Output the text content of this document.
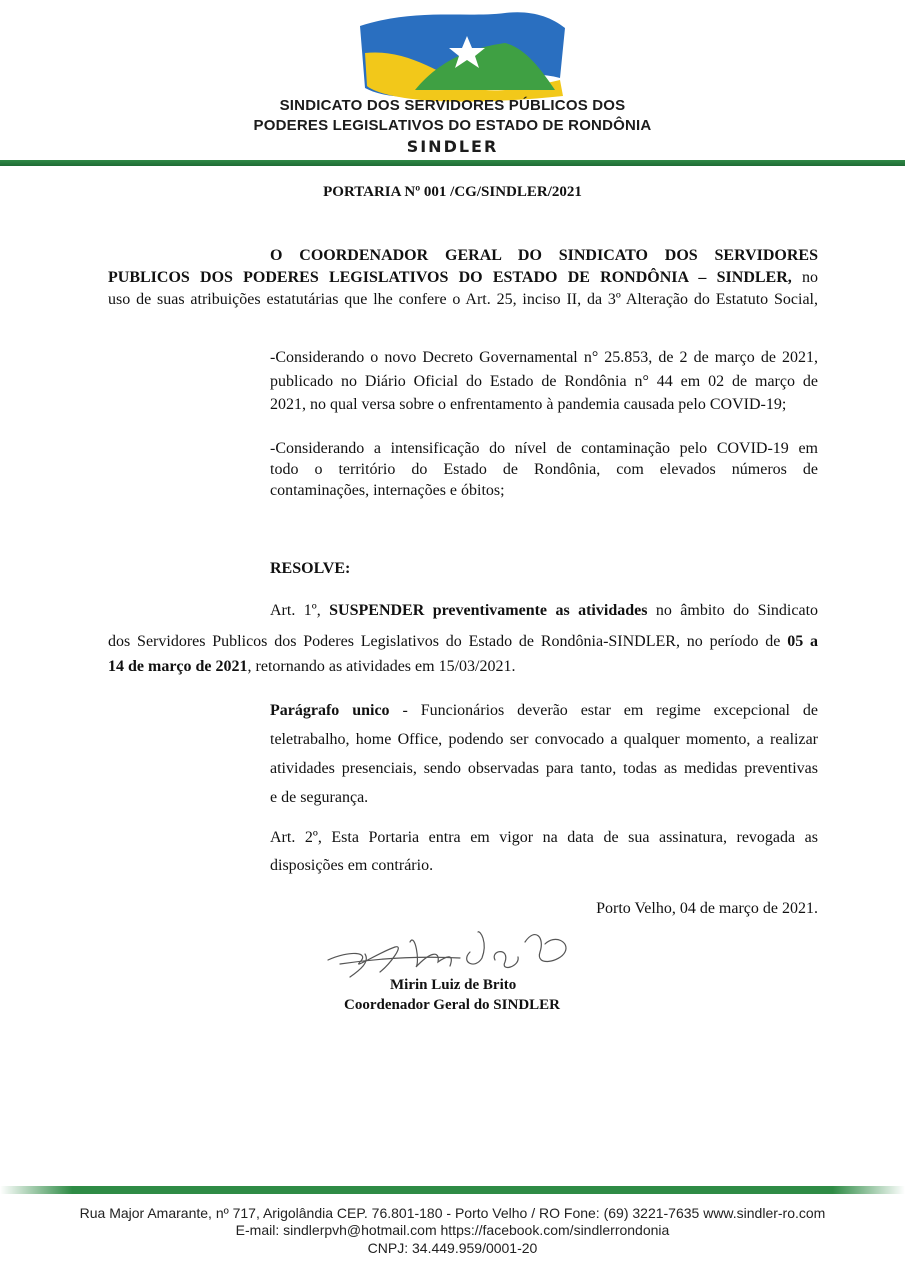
SINDICATO DOS SERVIDORES PÚBLICOS DOS
PODERES LEGISLATIVOS DO ESTADO DE RONDÔNIA
SINDLER
PORTARIA Nº 001 /CG/SINDLER/2021
O COORDENADOR GERAL DO SINDICATO DOS SERVIDORES
PUBLICOS DOS PODERES LEGISLATIVOS DO ESTADO DE RONDÔNIA – SINDLER, no
uso de suas atribuições estatutárias que lhe confere o Art. 25, inciso II, da 3º Alteração do Estatuto Social,
-Considerando o novo Decreto Governamental n° 25.853, de 2 de março de 2021,
publicado no Diário Oficial do Estado de Rondônia n° 44 em 02 de março de
2021, no qual versa sobre o enfrentamento à pandemia causada pelo COVID-19;
-Considerando a intensificação do nível de contaminação pelo COVID-19 em
todo o território do Estado de Rondônia, com elevados números de
contaminações, internações e óbitos;
RESOLVE:
Art. 1º, SUSPENDER preventivamente as atividades no âmbito do Sindicato
dos Servidores Publicos dos Poderes Legislativos do Estado de Rondônia-SINDLER, no período de 05 a
14 de março de 2021, retornando as atividades em 15/03/2021.
Parágrafo unico - Funcionários deverão estar em regime excepcional de
teletrabalho, home Office, podendo ser convocado a qualquer momento, a realizar
atividades presenciais, sendo observadas para tanto, todas as medidas preventivas
e de segurança.
Art. 2º, Esta Portaria entra em vigor na data de sua assinatura, revogada as
disposições em contrário.
Porto Velho, 04 de março de 2021.
Mirin Luiz de Brito
Coordenador Geral do SINDLER
Rua Major Amarante, nº 717, Arigolândia CEP. 76.801-180 - Porto Velho / RO Fone: (69) 3221-7635 www.sindler-ro.com
E-mail: sindlerpvh@hotmail.com https://facebook.com/sindlerrondonia
CNPJ: 34.449.959/0001-20
